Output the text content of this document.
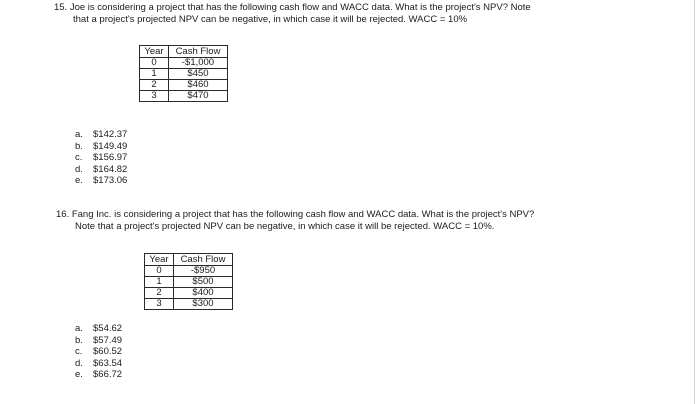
15. Joe is considering a project that has the following cash flow and WACC data. What is the project's NPV? Note
that a project's projected NPV can be negative, in which case it will be rejected. WACC = 10%
Year	Cash Flow
0	-$1,000
1	$450
2	$460
3	$470
a. $142.37
b. $149.49
c. $156.97
d. $164.82
e. $173.06
16. Fang Inc. is considering a project that has the following cash flow and WACC data. What is the project's NPV?
Note that a project's projected NPV can be negative, in which case it will be rejected. WACC = 10%.
Year	Cash Flow
0	-$950
1	$500
2	$400
3	$300
a. $54.62
b. $57.49
c. $60.52
d. $63.54
e. $66.72
